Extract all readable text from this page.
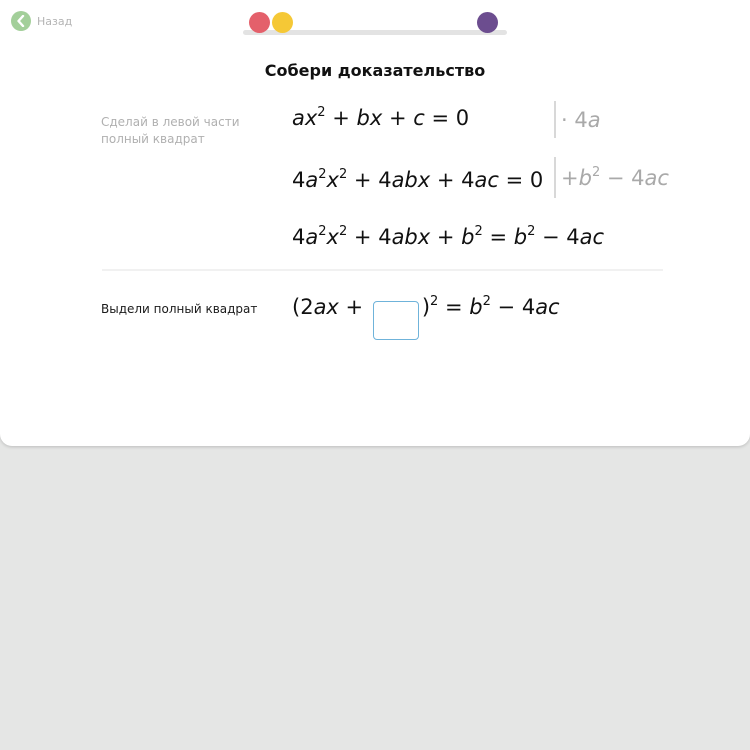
Назад
Собери доказательство
Сделай в левой части
полный квадрат
$ax^2$ + bx + c = 0	· 4a
$4a^2x^2 + 4abx + 4ac = 0 +b^2 - 4ac$
$4a^2x^2 + 4abx + b^2 = b^2 - 4ac$
Выдели полный квадрат $(2ax + )^2 = b^2 - 4ac$
